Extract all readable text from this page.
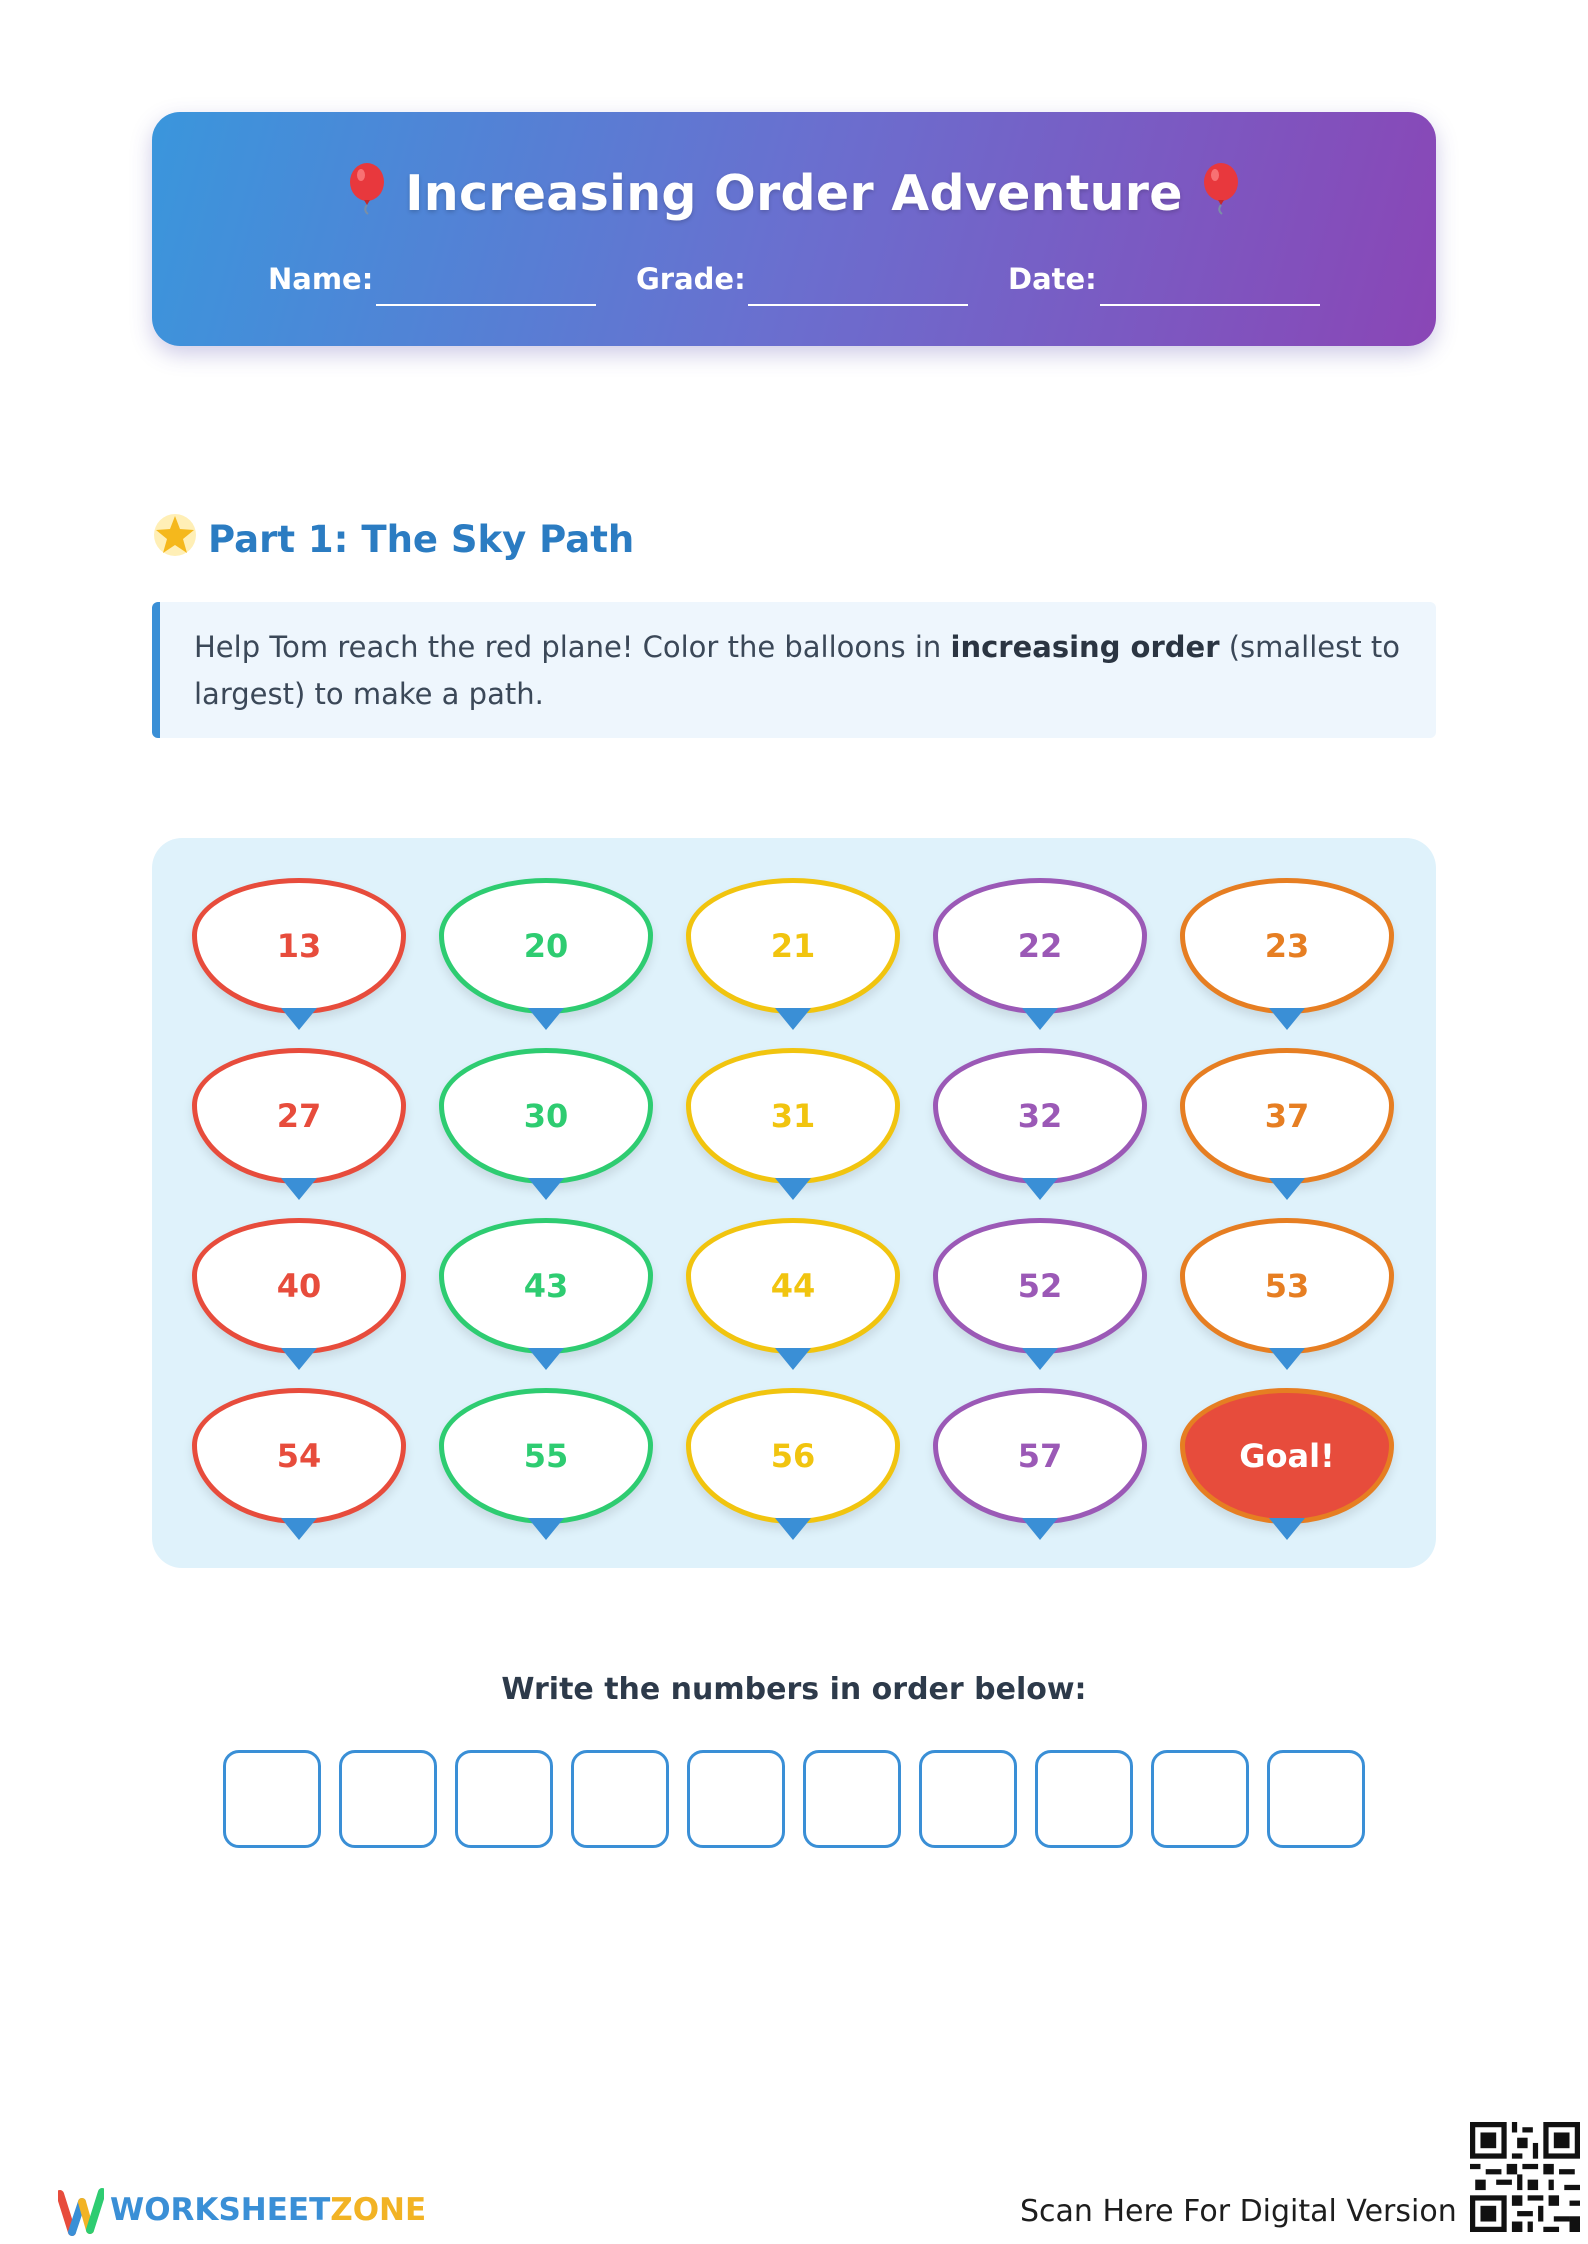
Increasing Order Adventure
Name:	Grade:	Date:
Part 1: The Sky Path
Help Tom reach the red plane! Color the balloons in increasing order (smallest to largest) to make a path.
13	20	21	22	23
27	30	31	32	37
40	43	44	52	53
54	55	56	57	Goal!
Write the numbers in order below:
WORKSHEETZONE	Scan Here For Digital Version
